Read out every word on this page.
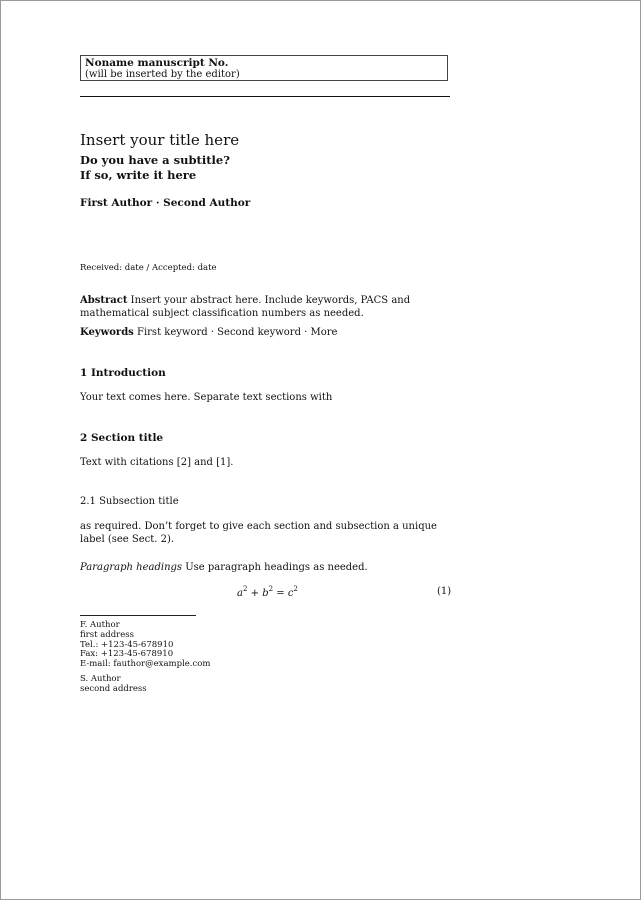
Noname manuscript No.
(will be inserted by the editor)
Insert your title here
Do you have a subtitle?
If so, write it here
First Author · Second Author
Received: date / Accepted: date
Abstract Insert your abstract here. Include keywords, PACS and mathematical subject classification numbers as needed.
Keywords First keyword · Second keyword · More
1 Introduction
Your text comes here. Separate text sections with
2 Section title
Text with citations [2] and [1].
2.1 Subsection title
as required. Don’t forget to give each section and subsection a unique label (see Sect. 2).
Paragraph headings Use paragraph headings as needed.
$a^2 + b^2 = c^2$	(1)
F. Author
first address
Tel.: +123-45-678910
Fax: +123-45-678910
E-mail: fauthor@example.com
S. Author
second address
